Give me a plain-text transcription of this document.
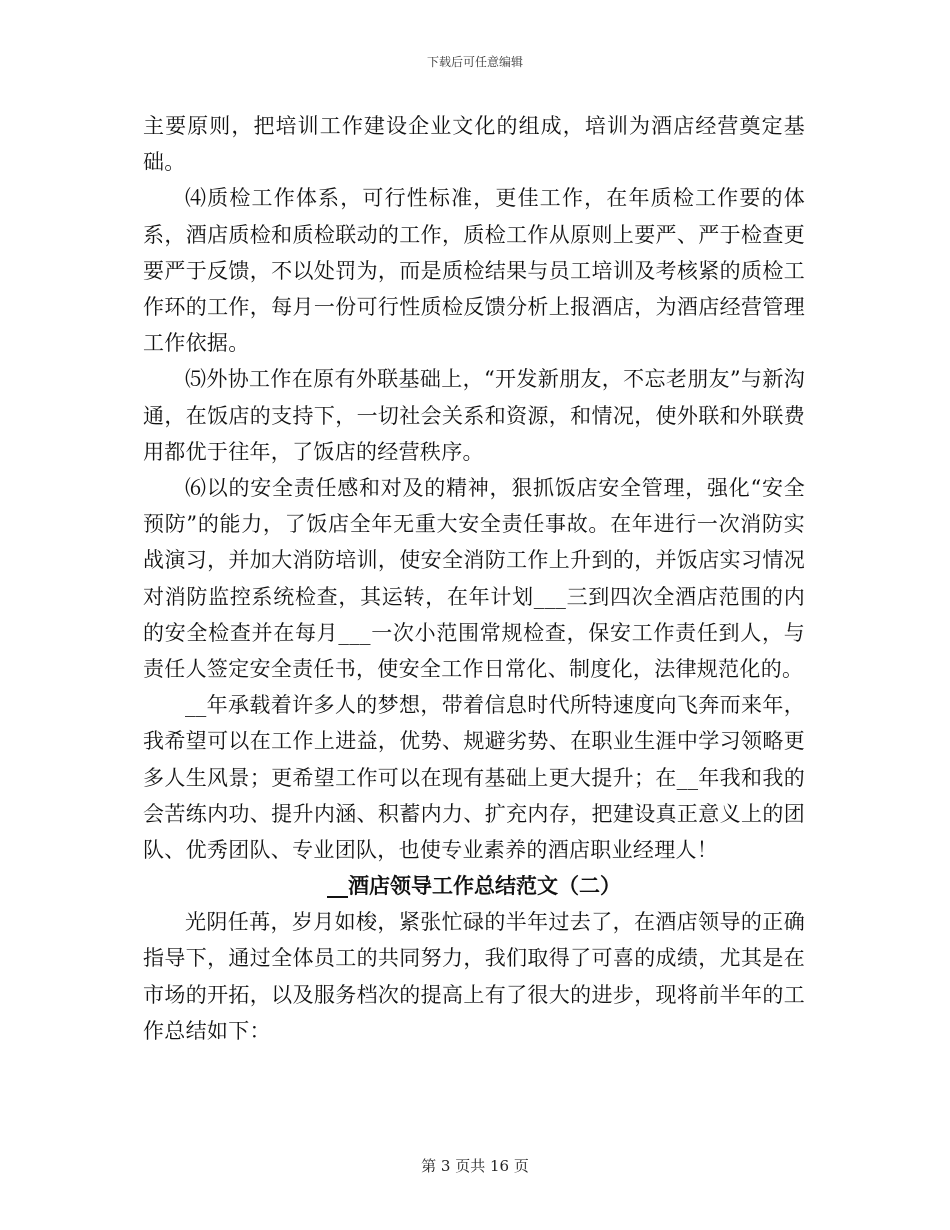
下载后可任意编辑

主要原则，把培训工作建设企业文化的组成，培训为酒店经营奠定基础。

⑷质检工作体系，可行性标准，更佳工作，在年质检工作要的体系，酒店质检和质检联动的工作，质检工作从原则上要严、严于检查更要严于反馈，不以处罚为，而是质检结果与员工培训及考核紧的质检工作环的工作，每月一份可行性质检反馈分析上报酒店，为酒店经营管理工作依据。

⑸外协工作在原有外联基础上，“开发新朋友，不忘老朋友”与新沟通，在饭店的支持下，一切社会关系和资源，和情况，使外联和外联费用都优于往年，了饭店的经营秩序。

⑹以的安全责任感和对及的精神，狠抓饭店安全管理，强化“安全预防”的能力，了饭店全年无重大安全责任事故。在年进行一次消防实战演习，并加大消防培训，使安全消防工作上升到的，并饭店实习情况对消防监控系统检查，其运转，在年计划___三到四次全酒店范围的内的安全检查并在每月___一次小范围常规检查，保安工作责任到人，与责任人签定安全责任书，使安全工作日常化、制度化，法律规范化的。

__年承载着许多人的梦想，带着信息时代所特速度向飞奔而来年，我希望可以在工作上进益，优势、规避劣势、在职业生涯中学习领略更多人生风景；更希望工作可以在现有基础上更大提升；在__年我和我的会苦练内功、提升内涵、积蓄内力、扩充内存，把建设真正意义上的团队、优秀团队、专业团队，也使专业素养的酒店职业经理人！

__酒店领导工作总结范文（二）

光阴任苒，岁月如梭，紧张忙碌的半年过去了，在酒店领导的正确指导下，通过全体员工的共同努力，我们取得了可喜的成绩，尤其是在市场的开拓，以及服务档次的提高上有了很大的进步，现将前半年的工作总结如下：

第 3 页共 16 页
